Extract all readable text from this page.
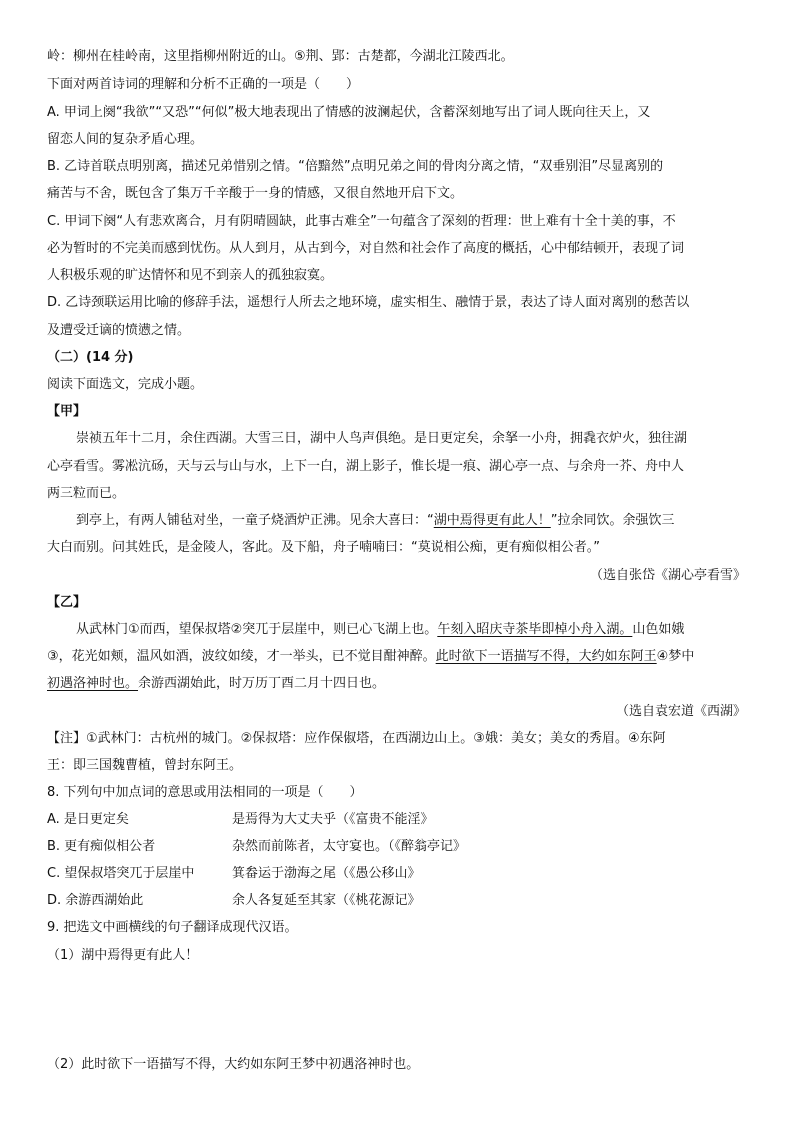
岭：柳州在桂岭南，这里指柳州附近的山。⑤荆、郢：古楚都，今湖北江陵西北。
下面对两首诗词的理解和分析不正确的一项是（　　）
A. 甲词上阕“我欲”“又恐”“何似”极大地表现出了情感的波澜起伏，含蓄深刻地写出了词人既向往天上，又
留恋人间的复杂矛盾心理。
B. 乙诗首联点明别离，描述兄弟惜别之情。“倍黯然”点明兄弟之间的骨肉分离之情，“双垂别泪”尽显离别的
痛苦与不舍，既包含了集万千辛酸于一身的情感，又很自然地开启下文。
C. 甲词下阕“人有悲欢离合，月有阴晴圆缺，此事古难全”一句蕴含了深刻的哲理：世上难有十全十美的事，不
必为暂时的不完美而感到忧伤。从人到月，从古到今，对自然和社会作了高度的概括，心中郁结顿开，表现了词
人积极乐观的旷达情怀和见不到亲人的孤独寂寞。
D. 乙诗颈联运用比喻的修辞手法，遥想行人所去之地环境，虚实相生、融情于景，表达了诗人面对离别的愁苦以
及遭受迁谪的愤懑之情。
（二）(14 分)
阅读下面选文，完成小题。
【甲】
崇祯五年十二月，余住西湖。大雪三日，湖中人鸟声俱绝。是日更定矣，余拏一小舟，拥毳衣炉火，独往湖
心亭看雪。雾凇沆砀，天与云与山与水，上下一白，湖上影子，惟长堤一痕、湖心亭一点、与余舟一芥、舟中人
两三粒而已。
到亭上，有两人铺毡对坐，一童子烧酒炉正沸。见余大喜曰：“湖中焉得更有此人！”拉余同饮。余强饮三
大白而别。问其姓氏，是金陵人，客此。及下船，舟子喃喃曰：“莫说相公痴，更有痴似相公者。”
（选自张岱《湖心亭看雪》
【乙】
从武林门①而西，望保叔塔②突兀于层崖中，则已心飞湖上也。午刻入昭庆寺茶毕即棹小舟入湖。山色如娥
③，花光如颊，温风如酒，波纹如绫，才一举头，已不觉目酣神醉。此时欲下一语描写不得，大约如东阿王④梦中
初遇洛神时也。余游西湖始此，时万历丁酉二月十四日也。
（选自袁宏道《西湖》
【注】①武林门：古杭州的城门。②保叔塔：应作保俶塔，在西湖边山上。③娥：美女；美女的秀眉。④东阿
王：即三国魏曹植，曾封东阿王。
8. 下列句中加点词的意思或用法相同的一项是（　　）
A. 是日更定矣	是焉得为大丈夫乎（《富贵不能淫》
B. 更有痴似相公者	杂然而前陈者，太守宴也。（《醉翁亭记》
C. 望保叔塔突兀于层崖中	箕畚运于渤海之尾（《愚公移山》
D. 余游西湖始此	余人各复延至其家（《桃花源记》
9. 把选文中画横线的句子翻译成现代汉语。
（1）湖中焉得更有此人！
（2）此时欲下一语描写不得，大约如东阿王梦中初遇洛神时也。
